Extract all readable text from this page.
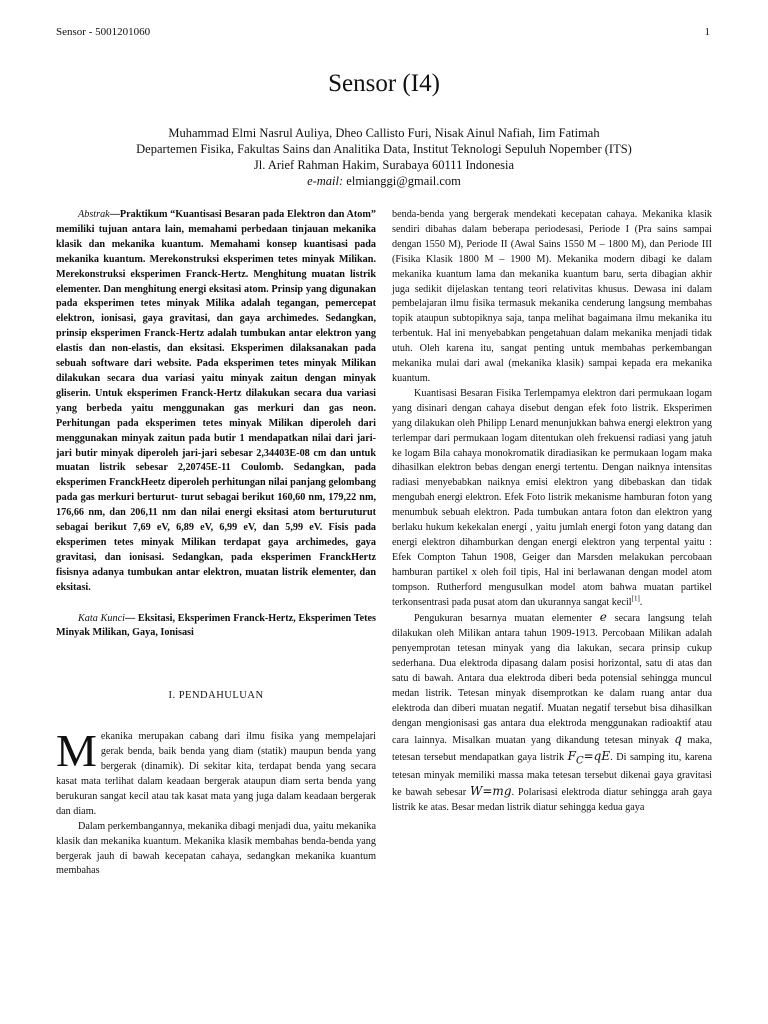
Sensor - 5001201060	1
Sensor (I4)
Muhammad Elmi Nasrul Auliya, Dheo Callisto Furi, Nisak Ainul Nafiah, Iim Fatimah
Departemen Fisika, Fakultas Sains dan Analitika Data, Institut Teknologi Sepuluh Nopember (ITS)
Jl. Arief Rahman Hakim, Surabaya 60111 Indonesia
e-mail: elmianggi@gmail.com

Abstrak—Praktikum “Kuantisasi Besaran pada Elektron dan Atom” memiliki tujuan antara lain, memahami perbedaan tinjauan mekanika klasik dan mekanika kuantum. Memahami konsep kuantisasi pada mekanika kuantum. Merekonstruksi eksperimen tetes minyak Milikan. Merekonstruksi eksperimen Franck-Hertz. Menghitung muatan listrik elementer. Dan menghitung energi eksitasi atom. Prinsip yang digunakan pada eksperimen tetes minyak Milika adalah tegangan, pemercepat elektron, ionisasi, gaya gravitasi, dan gaya archimedes. Sedangkan, prinsip eksperimen Franck-Hertz adalah tumbukan antar elektron yang elastis dan non-elastis, dan eksitasi. Eksperimen dilaksanakan pada sebuah software dari website. Pada eksperimen tetes minyak Milikan dilakukan secara dua variasi yaitu minyak zaitun dengan minyak gliserin. Untuk eksperimen Franck-Hertz dilakukan secara dua variasi yang berbeda yaitu menggunakan gas merkuri dan gas neon. Perhitungan pada eksperimen tetes minyak Milikan diperoleh dari menggunakan minyak zaitun pada butir 1 mendapatkan nilai dari jari-jari butir minyak diperoleh jari-jari sebesar 2,34403E-08 cm dan untuk muatan listrik sebesar 2,20745E-11 Coulomb. Sedangkan, pada eksperimen FranckHeetz diperoleh perhitungan nilai panjang gelombang pada gas merkuri berturut- turut sebagai berikut 160,60 nm, 179,22 nm, 176,66 nm, dan 206,11 nm dan nilai energi eksitasi atom berturuturut sebagai berikut 7,69 eV, 6,89 eV, 6,99 eV, dan 5,99 eV. Fisis pada eksperimen tetes minyak Milikan terdapat gaya archimedes, gaya gravitasi, dan ionisasi. Sedangkan, pada eksperimen FranckHertz fisisnya adanya tumbukan antar elektron, muatan listrik elementer, dan eksitasi.

Kata Kunci— Eksitasi, Eksperimen Franck-Hertz, Eksperimen Tetes Minyak Milikan, Gaya, Ionisasi

I. PENDAHULUAN

Mekanika merupakan cabang dari ilmu fisika yang mempelajari gerak benda, baik benda yang diam (statik) maupun benda yang bergerak (dinamik). Di sekitar kita, terdapat benda yang secara kasat mata terlihat dalam keadaan bergerak ataupun diam serta benda yang berukuran sangat kecil atau tak kasat mata yang juga dalam keadaan bergerak dan diam.

Dalam perkembangannya, mekanika dibagi menjadi dua, yaitu mekanika klasik dan mekanika kuantum. Mekanika klasik membahas benda-benda yang bergerak jauh di bawah kecepatan cahaya, sedangkan mekanika kuantum membahas

benda-benda yang bergerak mendekati kecepatan cahaya. Mekanika klasik sendiri dibahas dalam beberapa periodesasi, Periode I (Pra sains sampai dengan 1550 M), Periode II (Awal Sains 1550 M – 1800 M), dan Periode III (Fisika Klasik 1800 M – 1900 M). Mekanika modern dibagi ke dalam mekanika kuantum lama dan mekanika kuantum baru, serta dibagian akhir juga sedikit dijelaskan tentang teori relativitas khusus. Dewasa ini dalam pembelajaran ilmu fisika termasuk mekanika cenderung langsung membahas topik ataupun subtopiknya saja, tanpa melihat bagaimana ilmu mekanika itu terbentuk. Hal ini menyebabkan pengetahuan dalam mekanika menjadi tidak utuh. Oleh karena itu, sangat penting untuk membahas perkembangan mekanika mulai dari awal (mekanika klasik) sampai kepada era mekanika kuantum.

Kuantisasi Besaran Fisika Terlempamya elektron dari permukaan logam yang disinari dengan cahaya disebut dengan efek foto listrik. Eksperimen yang dilakukan oleh Philipp Lenard menunjukkan bahwa energi elektron yang terlempar dari permukaan logam ditentukan oleh frekuensi radiasi yang jatuh ke logam Bila cahaya monokromatik diradiasikan ke permukaan logam maka dihasilkan elektron bebas dengan energi tertentu. Dengan naiknya intensitas radiasi menyebabkan naiknya emisi elektron yang dibebaskan dan tidak mengubah energi elektron. Efek Foto listrik mekanisme hamburan foton yang menumbuk sebuah elektron. Pada tumbukan antara foton dan elektron yang berlaku hukum kekekalan energi , yaitu jumlah energi foton yang datang dan energi elektron dihamburkan dengan energi elektron yang terpental yaitu : Efek Compton Tahun 1908, Geiger dan Marsden melakukan percobaan hamburan partikel x oleh foil tipis, Hal ini berlawanan dengan model atom tompson. Rutherford mengusulkan model atom bahwa muatan partikel terkonsentrasi pada pusat atom dan ukurannya sangat kecil[1].

Pengukuran besarnya muatan elementer e secara langsung telah dilakukan oleh Milikan antara tahun 1909-1913. Percobaan Milikan adalah penyemprotan tetesan minyak yang dia lakukan, secara prinsip cukup sederhana. Dua elektroda dipasang dalam posisi horizontal, satu di atas dan satu di bawah. Antara dua elektroda diberi beda potensial sehingga muncul medan listrik. Tetesan minyak disemprotkan ke dalam ruang antar dua elektroda dan diberi muatan negatif. Muatan negatif tersebut bisa dihasilkan dengan mengionisasi gas antara dua elektroda menggunakan radioaktif atau cara lainnya. Misalkan muatan yang dikandung tetesan minyak q maka, tetesan tersebut mendapatkan gaya listrik $F_C=qE$. Di samping itu, karena tetesan minyak memiliki massa maka tetesan tersebut dikenai gaya gravitasi ke bawah sebesar W=mg. Polarisasi elektroda diatur sehingga arah gaya listrik ke atas. Besar medan listrik diatur sehingga kedua gaya
